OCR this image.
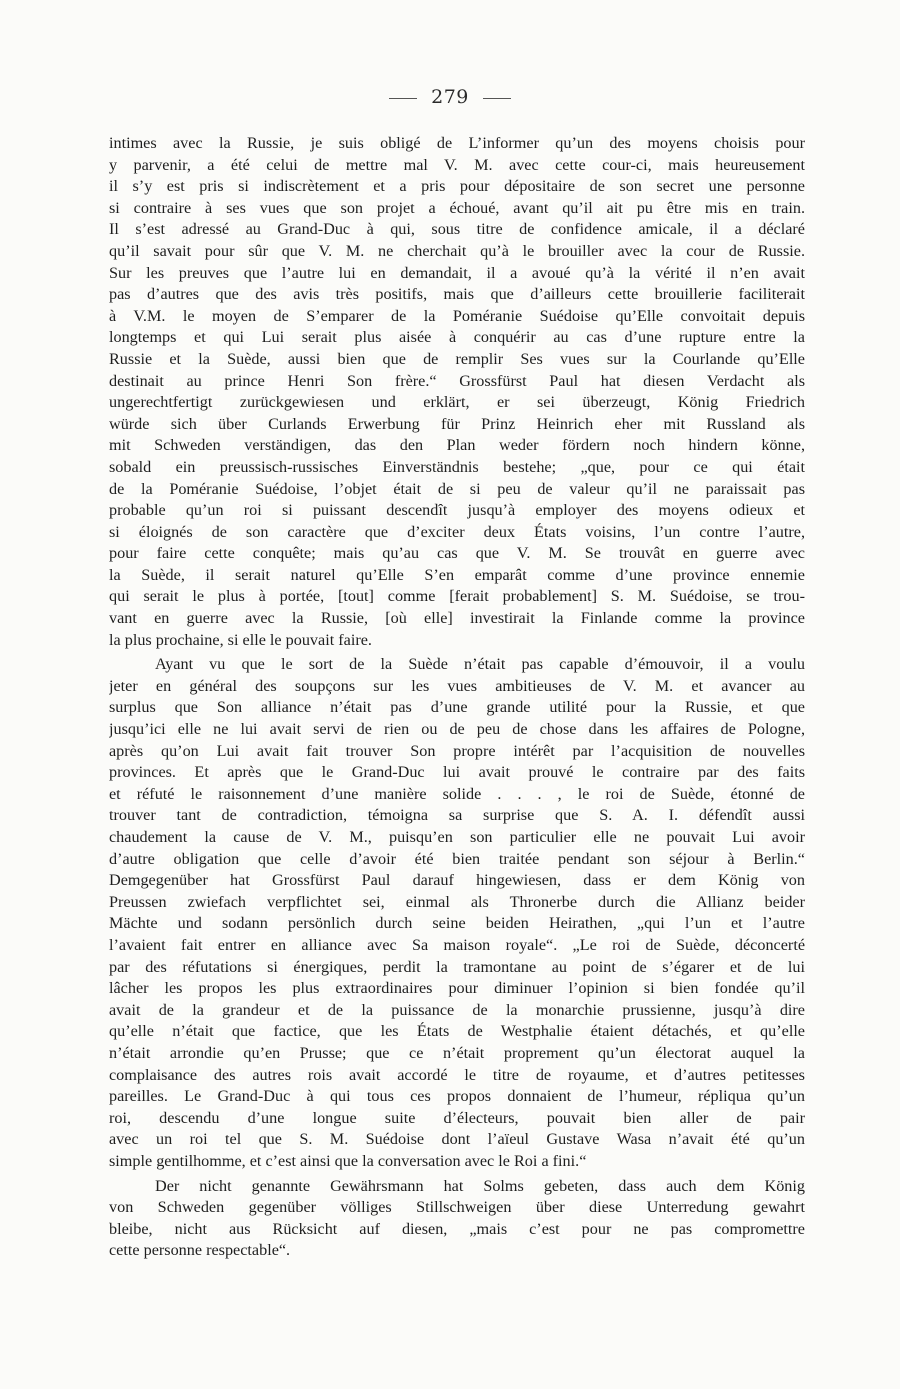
279
intimes avec la Russie, je suis obligé de L’informer qu’un des moyens choisis pour
y parvenir, a été celui de mettre mal V. M. avec cette cour-ci, mais heureusement
il s’y est pris si indiscrètement et a pris pour dépositaire de son secret une personne
si contraire à ses vues que son projet a échoué, avant qu’il ait pu être mis en train.
Il s’est adressé au Grand-Duc à qui, sous titre de confidence amicale, il a déclaré
qu’il savait pour sûr que V. M. ne cherchait qu’à le brouiller avec la cour de Russie.
Sur les preuves que l’autre lui en demandait, il a avoué qu’à la vérité il n’en avait
pas d’autres que des avis très positifs, mais que d’ailleurs cette brouillerie faciliterait
à V.M. le moyen de S’emparer de la Poméranie Suédoise qu’Elle convoitait depuis
longtemps et qui Lui serait plus aisée à conquérir au cas d’une rupture entre la
Russie et la Suède, aussi bien que de remplir Ses vues sur la Courlande qu’Elle
destinait au prince Henri Son frère.“ Grossfürst Paul hat diesen Verdacht als
ungerechtfertigt zurückgewiesen und erklärt, er sei überzeugt, König Friedrich
würde sich über Curlands Erwerbung für Prinz Heinrich eher mit Russland als
mit Schweden verständigen, das den Plan weder fördern noch hindern könne,
sobald ein preussisch-russisches Einverständnis bestehe; „que, pour ce qui était
de la Poméranie Suédoise, l’objet était de si peu de valeur qu’il ne paraissait pas
probable qu’un roi si puissant descendît jusqu’à employer des moyens odieux et
si éloignés de son caractère que d’exciter deux États voisins, l’un contre l’autre,
pour faire cette conquête; mais qu’au cas que V. M. Se trouvât en guerre avec
la Suède, il serait naturel qu’Elle S’en emparât comme d’une province ennemie
qui serait le plus à portée, [tout] comme [ferait probablement] S. M. Suédoise, se trou-
vant en guerre avec la Russie, [où elle] investirait la Finlande comme la province
la plus prochaine, si elle le pouvait faire.
Ayant vu que le sort de la Suède n’était pas capable d’émouvoir, il a voulu
jeter en général des soupçons sur les vues ambitieuses de V. M. et avancer au
surplus que Son alliance n’était pas d’une grande utilité pour la Russie, et que
jusqu’ici elle ne lui avait servi de rien ou de peu de chose dans les affaires de Pologne,
après qu’on Lui avait fait trouver Son propre intérêt par l’acquisition de nouvelles
provinces. Et après que le Grand-Duc lui avait prouvé le contraire par des faits
et réfuté le raisonnement d’une manière solide . . . , le roi de Suède, étonné de
trouver tant de contradiction, témoigna sa surprise que S. A. I. défendît aussi
chaudement la cause de V. M., puisqu’en son particulier elle ne pouvait Lui avoir
d’autre obligation que celle d’avoir été bien traitée pendant son séjour à Berlin.“
Demgegenüber hat Grossfürst Paul darauf hingewiesen, dass er dem König von
Preussen zwiefach verpflichtet sei, einmal als Thronerbe durch die Allianz beider
Mächte und sodann persönlich durch seine beiden Heirathen, „qui l’un et l’autre
l’avaient fait entrer en alliance avec Sa maison royale“. „Le roi de Suède, déconcerté
par des réfutations si énergiques, perdit la tramontane au point de s’égarer et de lui
lâcher les propos les plus extraordinaires pour diminuer l’opinion si bien fondée qu’il
avait de la grandeur et de la puissance de la monarchie prussienne, jusqu’à dire
qu’elle n’était que factice, que les États de Westphalie étaient détachés, et qu’elle
n’était arrondie qu’en Prusse; que ce n’était proprement qu’un électorat auquel la
complaisance des autres rois avait accordé le titre de royaume, et d’autres petitesses
pareilles. Le Grand-Duc à qui tous ces propos donnaient de l’humeur, répliqua qu’un
roi, descendu d’une longue suite d’électeurs, pouvait bien aller de pair
avec un roi tel que S. M. Suédoise dont l’aïeul Gustave Wasa n’avait été qu’un
simple gentilhomme, et c’est ainsi que la conversation avec le Roi a fini.“
Der nicht genannte Gewährsmann hat Solms gebeten, dass auch dem König
von Schweden gegenüber völliges Stillschweigen über diese Unterredung gewahrt
bleibe, nicht aus Rücksicht auf diesen, „mais c’est pour ne pas compromettre
cette personne respectable“.
